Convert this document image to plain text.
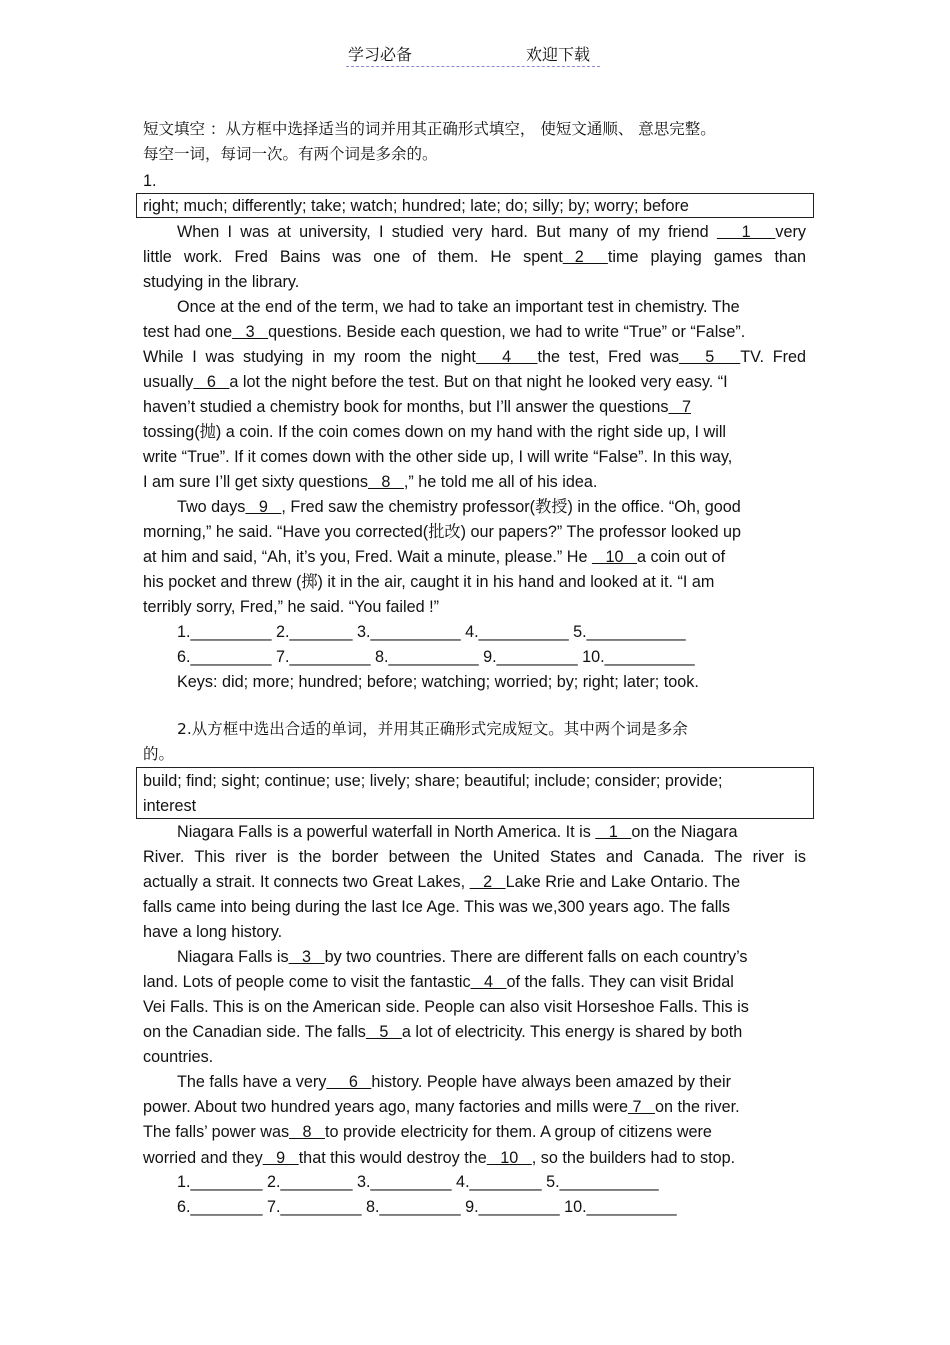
学习必备	欢迎下载
短文填空 ：从方框中选择适当的词并用其正确形式填空， 使短文通顺、 意思完整。
每空一词，每词一次。有两个词是多余的。
1.
right; much; differently; take; watch; hundred; late; do; silly; by; worry; before
When I was at university, I studied very hard. But many of my friend    1   very
little work. Fred Bains was one of them. He spent 2  time playing games than
studying in the library.
Once at the end of the term, we had to take an important test in chemistry. The
test had one   3   questions. Beside each question, we had to write “True” or “False”.
While I was studying in my room the night   4   the test, Fred was   5   TV. Fred
usually   6   a lot the night before the test. But on that night he looked very easy. “I
haven’t studied a chemistry book for months, but I’ll answer the questions   7
tossing(抛) a coin. If the coin comes down on my hand with the right side up, I will
write “True”. If it comes down with the other side up, I will write “False”. In this way,
I am sure I’ll get sixty questions   8   ,” he told me all of his idea.
Two days   9   , Fred saw the chemistry professor(教授) in the office. “Oh, good
morning,” he said. “Have you corrected(批改) our papers?” The professor looked up
at him and said, “Ah, it’s you, Fred. Wait a minute, please.” He    10   a coin out of
his pocket and threw (掷) it in the air, caught it in his hand and looked at it. “I am
terribly sorry, Fred,” he said. “You failed !”
1._________ 2._______ 3.__________ 4.__________ 5.___________
6._________ 7._________ 8.__________ 9._________ 10.__________
Keys: did; more; hundred; before; watching; worried; by; right; later; took.
2.从方框中选出合适的单词，并用其正确形式完成短文。其中两个词是多余
的。
build; find; sight; continue; use; lively; share; beautiful; include; consider; provide;
interest
Niagara Falls is a powerful waterfall in North America. It is    1   on the Niagara
River. This river is the border between the United States and Canada. The river is
actually a strait. It connects two Great Lakes,    2   Lake Rrie and Lake Ontario. The
falls came into being during the last Ice Age. This was we,300 years ago. The falls
have a long history.
Niagara Falls is   3   by two countries. There are different falls on each country’s
land. Lots of people come to visit the fantastic   4   of the falls. They can visit Bridal
Vei Falls. This is on the American side. People can also visit Horseshoe Falls. This is
on the Canadian side. The falls   5   a lot of electricity. This energy is shared by both
countries.
The falls have a very     6   history. People have always been amazed by their
power. About two hundred years ago, many factories and mills were 7   on the river.
The falls’ power was   8   to provide electricity for them. A group of citizens were
worried and they   9   that this would destroy the   10   , so the builders had to stop.
1.________ 2.________ 3._________ 4.________ 5.___________
6.________ 7._________ 8._________ 9._________ 10.__________
